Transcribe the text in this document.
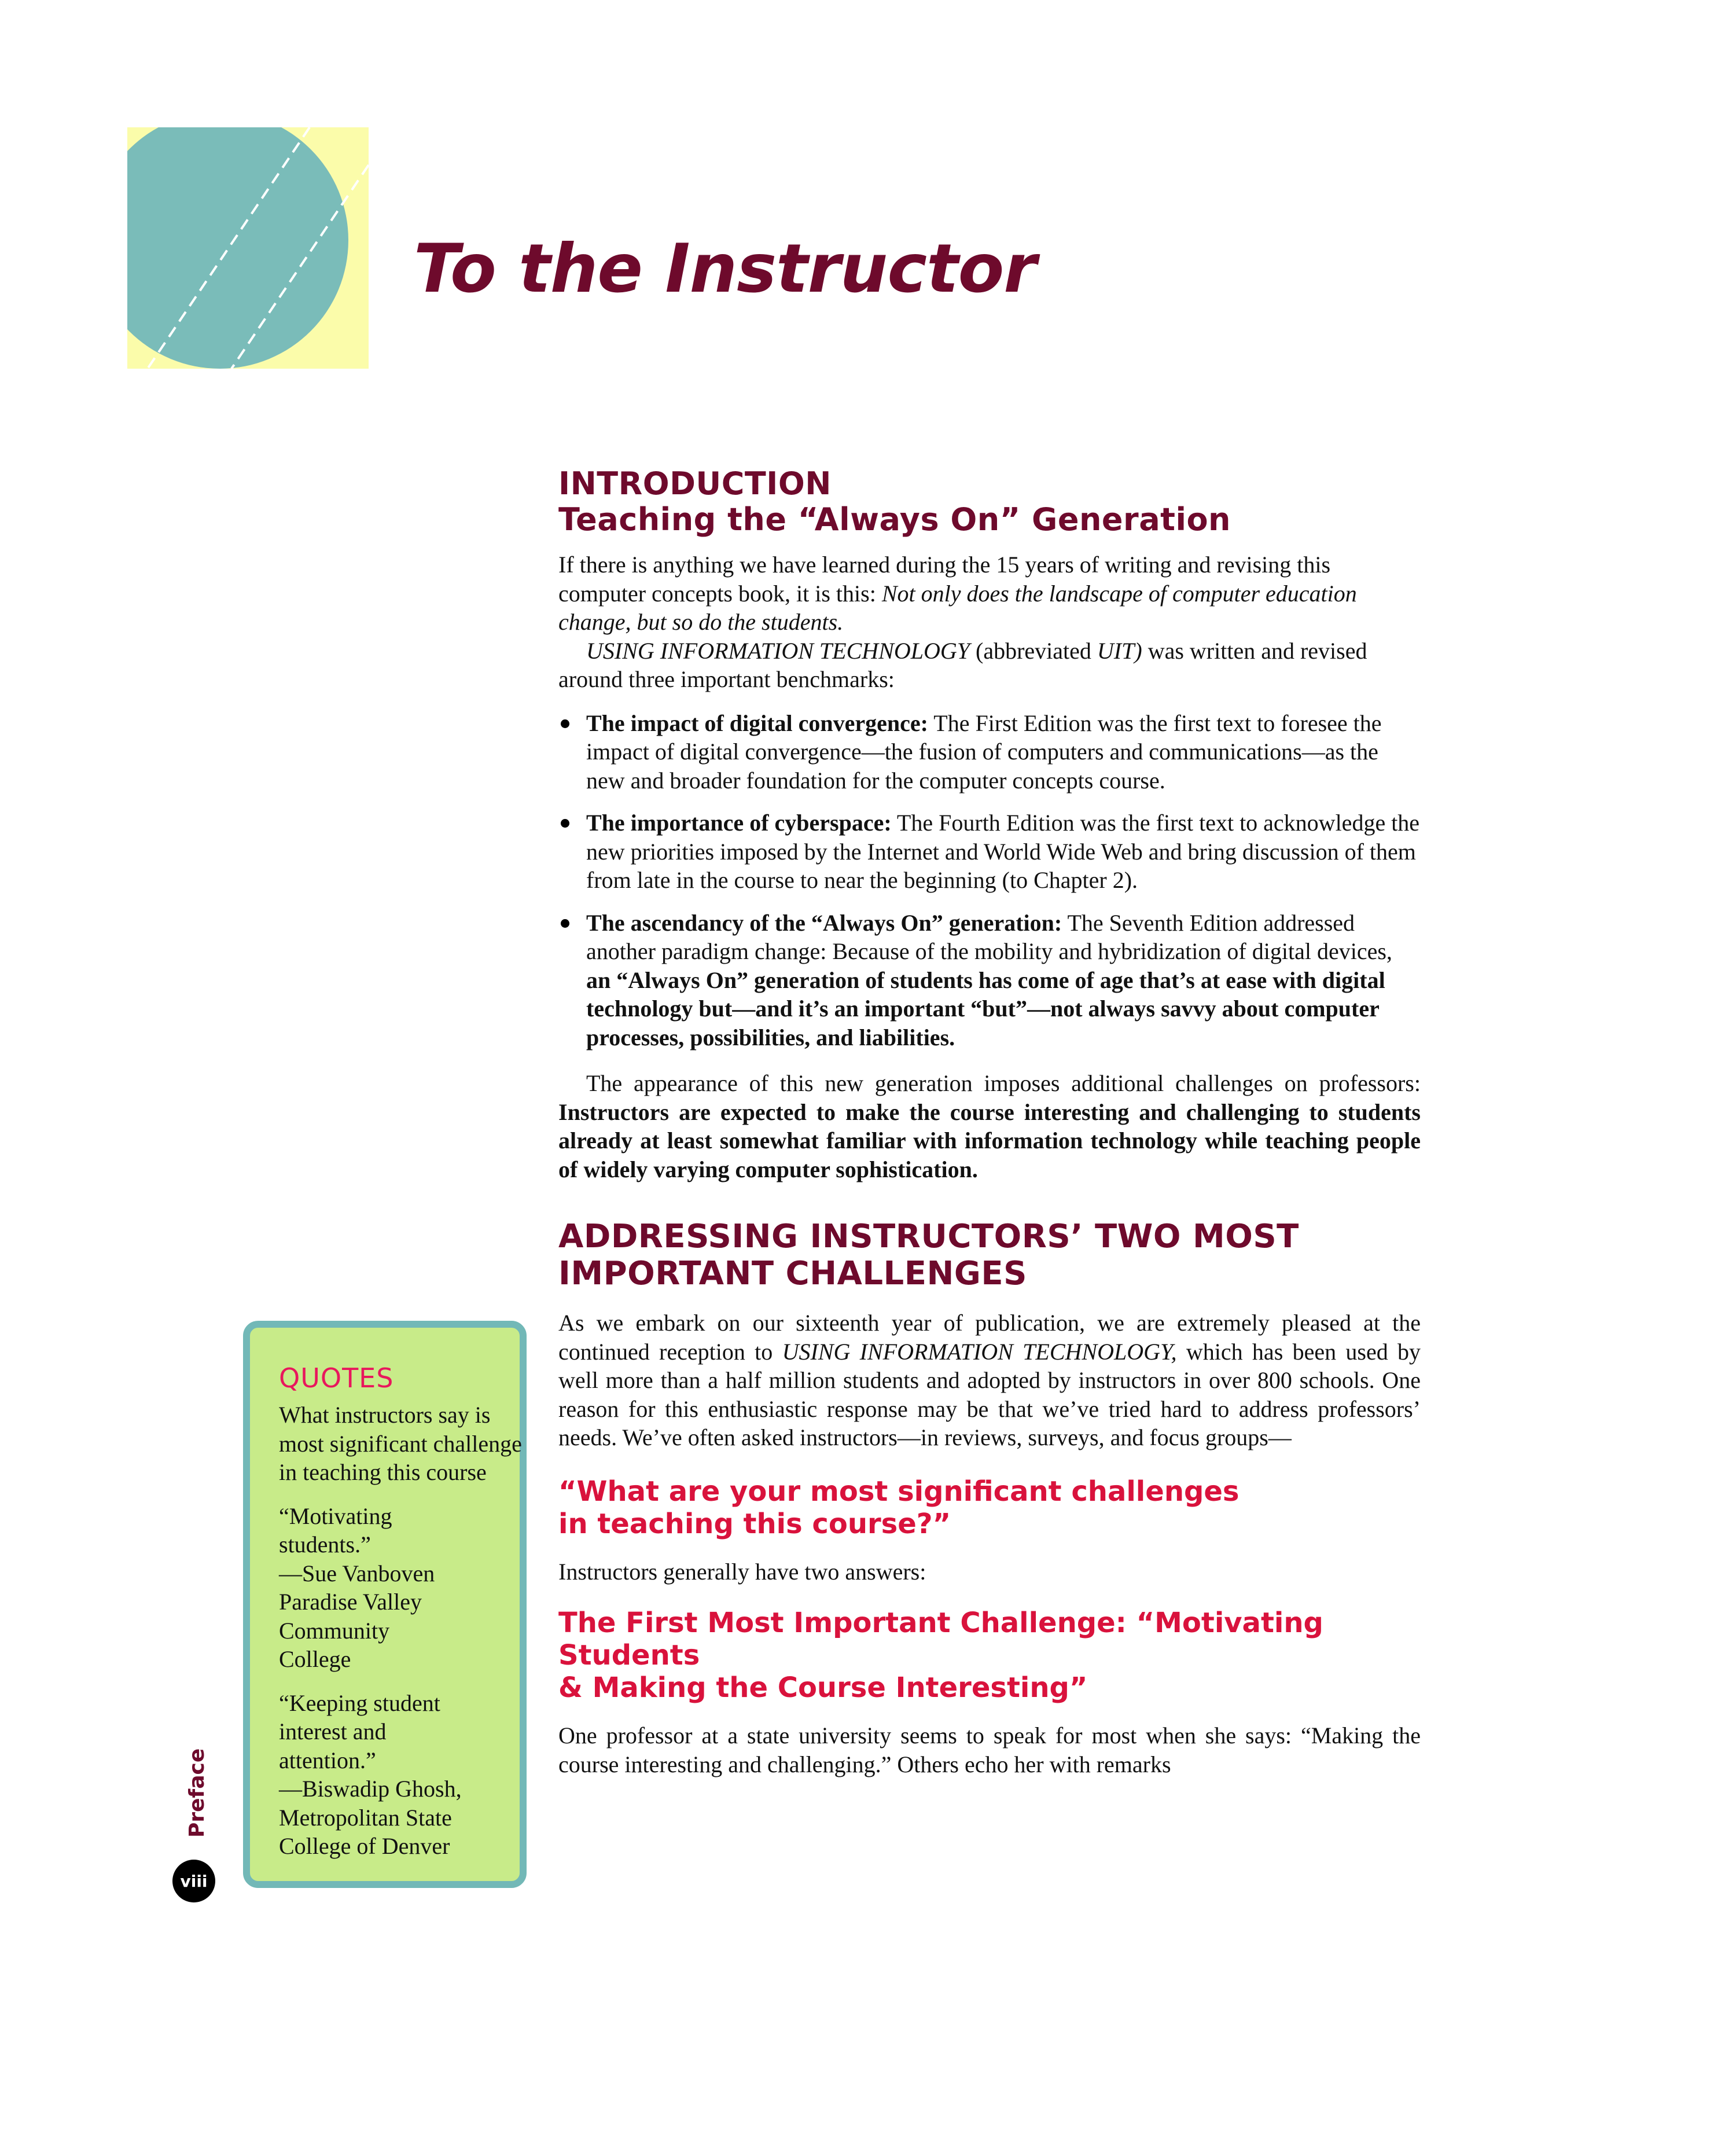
To the Instructor

INTRODUCTION

Teaching the “Always On” Generation

If there is anything we have learned during the 15 years of writing and revising this computer concepts book, it is this: Not only does the landscape of computer education change, but so do the students.

USING INFORMATION TECHNOLOGY (abbreviated UIT) was written and revised around three important benchmarks:

The impact of digital convergence: The First Edition was the first text to foresee the impact of digital convergence—the fusion of computers and communications—as the new and broader foundation for the computer concepts course.
The importance of cyberspace: The Fourth Edition was the first text to acknowledge the new priorities imposed by the Internet and World Wide Web and bring discussion of them from late in the course to near the beginning (to Chapter 2).
The ascendancy of the “Always On” generation: The Seventh Edition addressed another paradigm change: Because of the mobility and hybridization of digital devices, an “Always On” generation of students has come of age that’s at ease with digital technology but—and it’s an important “but”—not always savvy about computer processes, possibilities, and liabilities.

The appearance of this new generation imposes additional challenges on professors: Instructors are expected to make the course interesting and challenging to students already at least somewhat familiar with information technology while teaching people of widely varying computer sophistication.

ADDRESSING INSTRUCTORS’ TWO MOST
IMPORTANT CHALLENGES

As we embark on our sixteenth year of publication, we are extremely pleased at the continued reception to USING INFORMATION TECHNOLOGY, which has been used by well more than a half million students and adopted by instructors in over 800 schools. One reason for this enthusiastic response may be that we’ve tried hard to address professors’ needs. We’ve often asked instructors—in reviews, surveys, and focus groups—

“What are your most significant challenges
in teaching this course?”

Instructors generally have two answers:

The First Most Important Challenge: “Motivating Students
& Making the Course Interesting”

One professor at a state university seems to speak for most when she says: “Making the course interesting and challenging.” Others echo her with remarks

QUOTES

What instructors say is most significant challenge in teaching this course

“Motivating students.”

—Sue Vanboven

Paradise Valley Community College

“Keeping student interest and attention.”

—Biswadip Ghosh,

Metropolitan State College of Denver

Preface
viii
